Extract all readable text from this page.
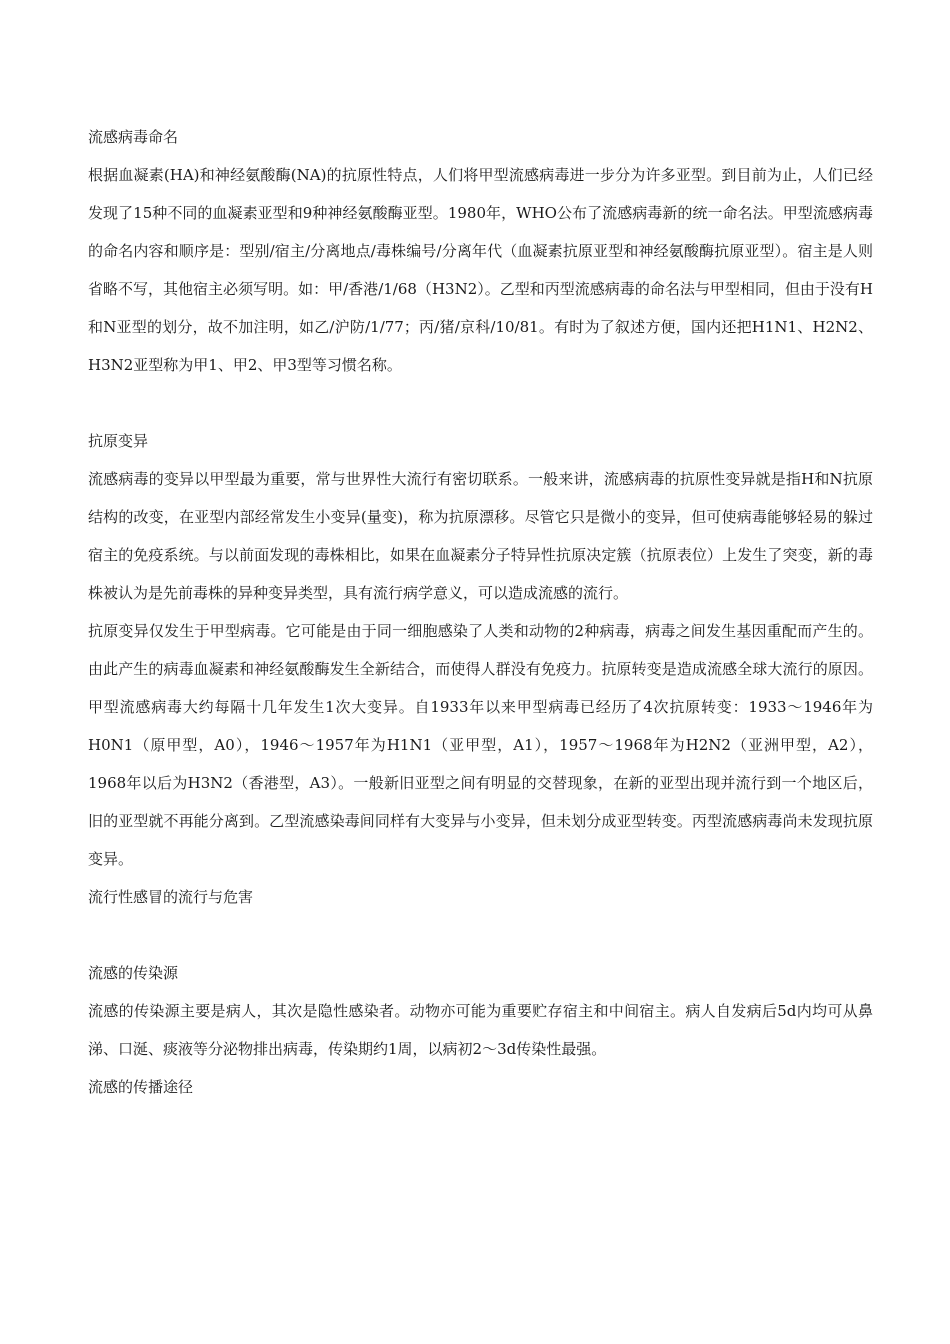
流感病毒命名

根据血凝素(HA)和神经氨酸酶(NA)的抗原性特点，人们将甲型流感病毒进一步分为许多亚型。到目前为止，人们已经发现了15种不同的血凝素亚型和9种神经氨酸酶亚型。1980年，WHO公布了流感病毒新的统一命名法。甲型流感病毒的命名内容和顺序是：型别/宿主/分离地点/毒株编号/分离年代（血凝素抗原亚型和神经氨酸酶抗原亚型）。宿主是人则省略不写，其他宿主必须写明。如：甲/香港/1/68（H3N2）。乙型和丙型流感病毒的命名法与甲型相同，但由于没有H和N亚型的划分，故不加注明，如乙/沪防/1/77；丙/猪/京科/10/81。有时为了叙述方便，国内还把H1N1、H2N2、H3N2亚型称为甲1、甲2、甲3型等习惯名称。

抗原变异

流感病毒的变异以甲型最为重要，常与世界性大流行有密切联系。一般来讲，流感病毒的抗原性变异就是指H和N抗原结构的改变，在亚型内部经常发生小变异(量变)，称为抗原漂移。尽管它只是微小的变异，但可使病毒能够轻易的躲过宿主的免疫系统。与以前面发现的毒株相比，如果在血凝素分子特异性抗原决定簇（抗原表位）上发生了突变，新的毒株被认为是先前毒株的异种变异类型，具有流行病学意义，可以造成流感的流行。

抗原变异仅发生于甲型病毒。它可能是由于同一细胞感染了人类和动物的2种病毒，病毒之间发生基因重配而产生的。由此产生的病毒血凝素和神经氨酸酶发生全新结合，而使得人群没有免疫力。抗原转变是造成流感全球大流行的原因。甲型流感病毒大约每隔十几年发生1次大变异。自1933年以来甲型病毒已经历了4次抗原转变：1933～1946年为H0N1（原甲型，A0），1946～1957年为H1N1（亚甲型，A1），1957～1968年为H2N2（亚洲甲型，A2），1968年以后为H3N2（香港型，A3）。一般新旧亚型之间有明显的交替现象，在新的亚型出现并流行到一个地区后，旧的亚型就不再能分离到。乙型流感染毒间同样有大变异与小变异，但未划分成亚型转变。丙型流感病毒尚未发现抗原变异。

流行性感冒的流行与危害

流感的传染源

流感的传染源主要是病人，其次是隐性感染者。动物亦可能为重要贮存宿主和中间宿主。病人自发病后5d内均可从鼻涕、口涎、痰液等分泌物排出病毒，传染期约1周，以病初2～3d传染性最强。

流感的传播途径
